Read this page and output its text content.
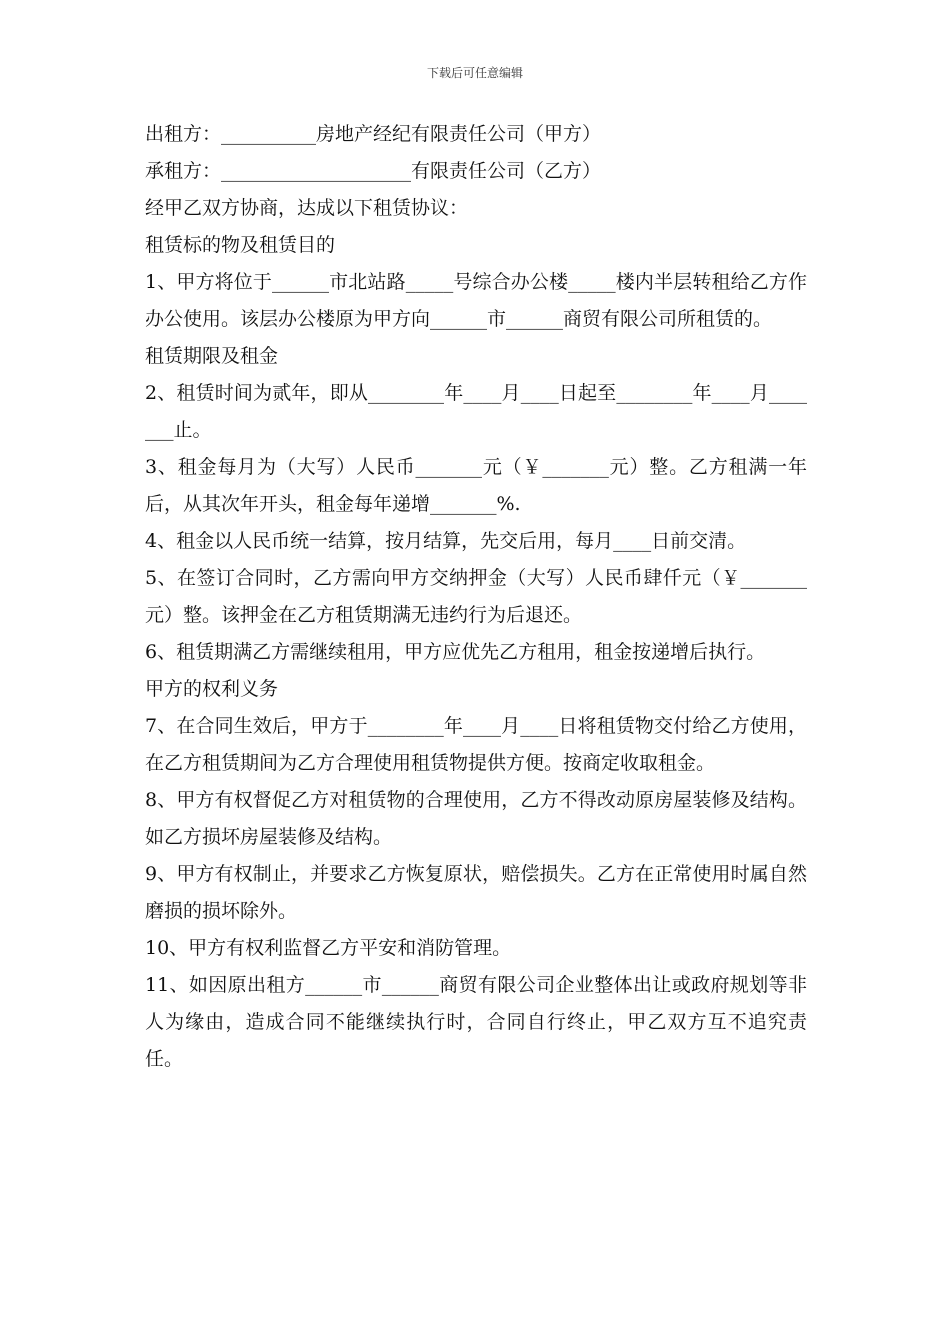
下载后可任意编辑

出租方：__________房地产经纪有限责任公司（甲方）

承租方：____________________有限责任公司（乙方）

经甲乙双方协商，达成以下租赁协议：

租赁标的物及租赁目的

1、甲方将位于______市北站路_____号综合办公楼_____楼内半层转租给乙方作办公使用。该层办公楼原为甲方向______市______商贸有限公司所租赁的。

租赁期限及租金

2、租赁时间为贰年，即从________年____月____日起至________年____月_______止。

3、租金每月为（大写）人民币_______元（￥_______元）整。乙方租满一年后，从其次年开头，租金每年递增_______%.

4、租金以人民币统一结算，按月结算，先交后用，每月____日前交清。

5、在签订合同时，乙方需向甲方交纳押金（大写）人民币肆仟元（￥_______元）整。该押金在乙方租赁期满无违约行为后退还。

6、租赁期满乙方需继续租用，甲方应优先乙方租用，租金按递增后执行。

甲方的权利义务

7、在合同生效后，甲方于________年____月____日将租赁物交付给乙方使用，在乙方租赁期间为乙方合理使用租赁物提供方便。按商定收取租金。

8、甲方有权督促乙方对租赁物的合理使用，乙方不得改动原房屋装修及结构。如乙方损坏房屋装修及结构。

9、甲方有权制止，并要求乙方恢复原状，赔偿损失。乙方在正常使用时属自然磨损的损坏除外。

10、甲方有权利监督乙方平安和消防管理。

11、如因原出租方______市______商贸有限公司企业整体出让或政府规划等非人为缘由，造成合同不能继续执行时，合同自行终止，甲乙双方互不追究责任。
